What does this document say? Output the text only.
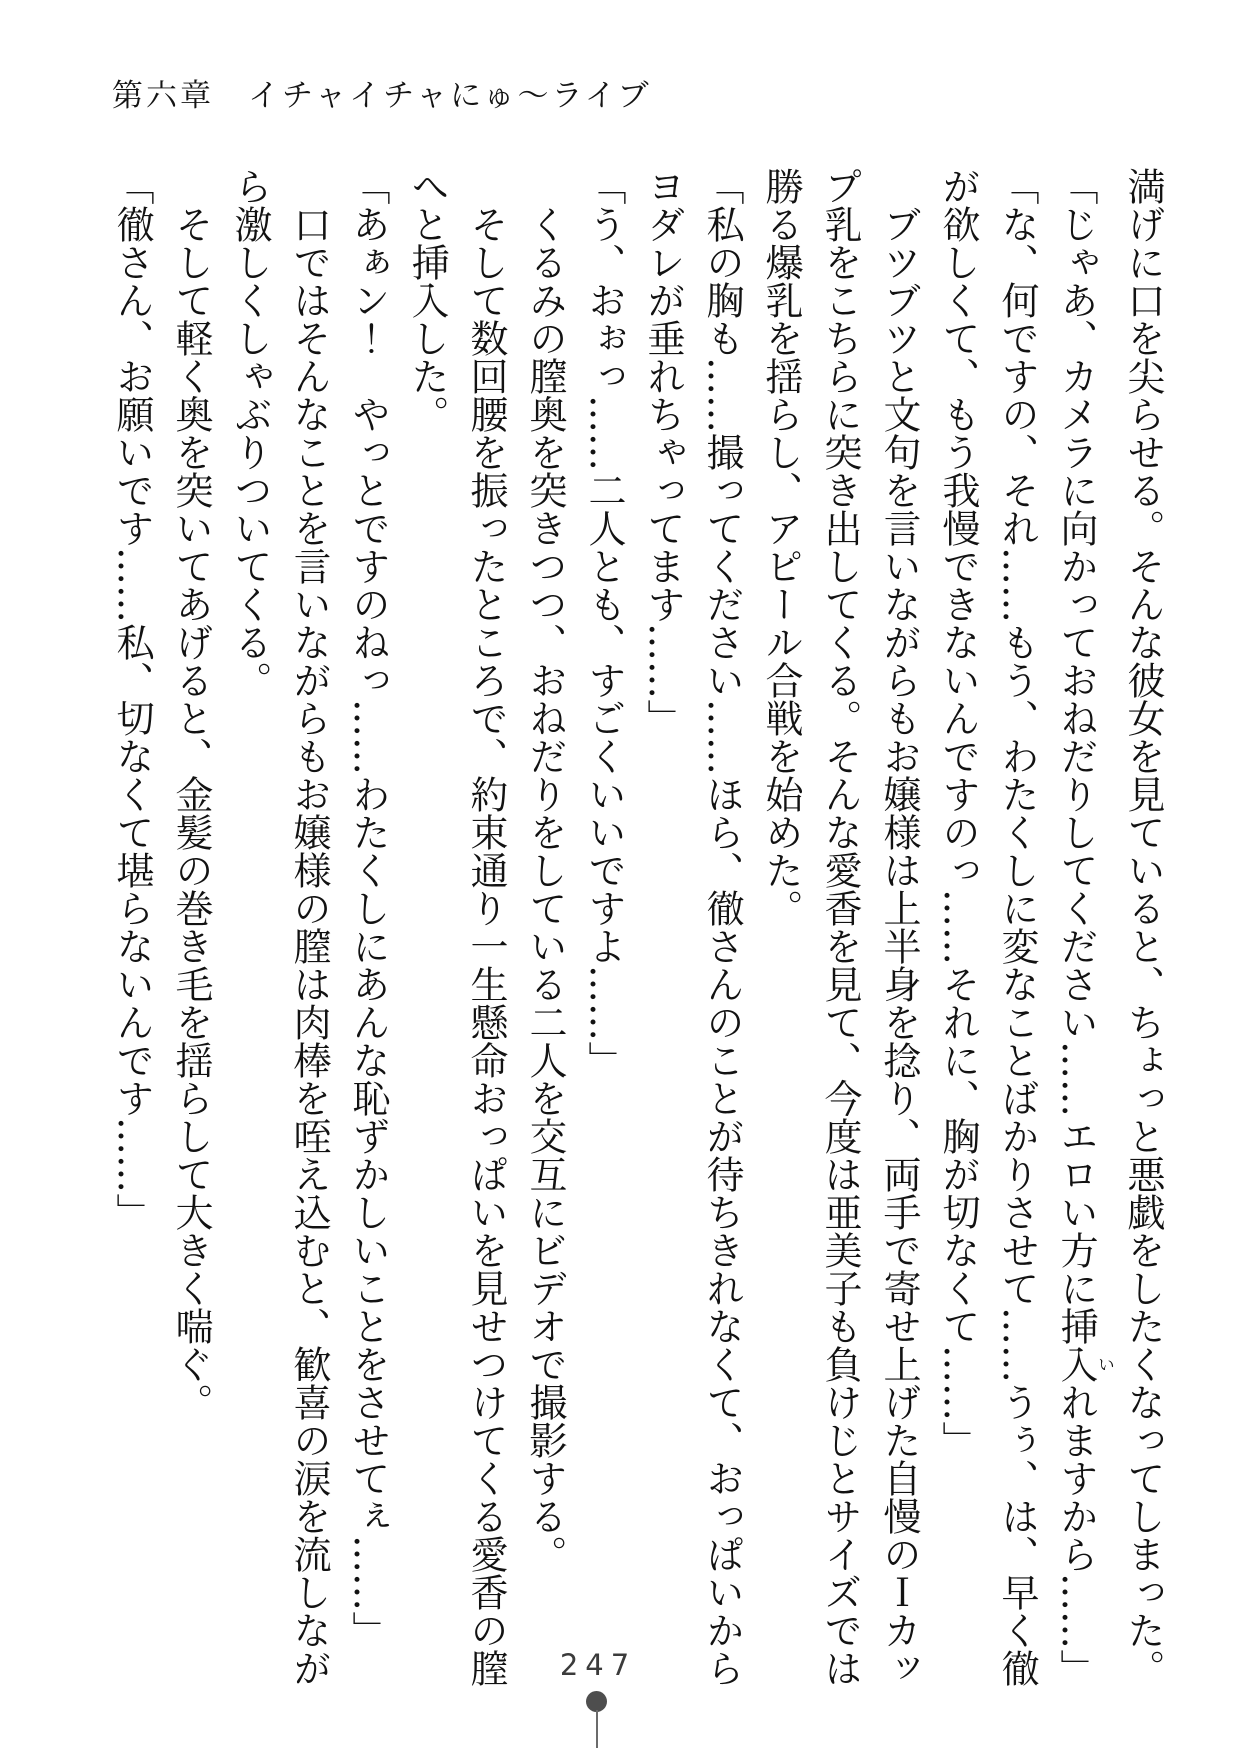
第六章　イチャイチャにゅ～ライブ

満げに口を尖らせる。そんな彼女を見ていると、ちょっと悪戯をしたくなってしまった。

「じゃあ、カメラに向かっておねだりしてください……エロい方に挿入いれますから……」

「な、何ですの、それ……もう、わたくしに変なことばかりさせて……うぅ、は、早く徹が欲しくて、もう我慢できないんですのっ……それに、胸が切なくて……」

ブツブツと文句を言いながらもお嬢様は上半身を捻り、両手で寄せ上げた自慢のＩカップ乳をこちらに突き出してくる。そんな愛香を見て、今度は亜美子も負けじとサイズでは勝る爆乳を揺らし、アピール合戦を始めた。

「私の胸も……撮ってください……ほら、徹さんのことが待ちきれなくて、おっぱいからヨダレが垂れちゃってます……」

「う、おぉっ……二人とも、すごくいいですよ……」

くるみの膣奥を突きつつ、おねだりをしている二人を交互にビデオで撮影する。

そして数回腰を振ったところで、約束通り一生懸命おっぱいを見せつけてくる愛香の膣へと挿入した。

「あぁン！　やっとですのねっ……わたくしにあんな恥ずかしいことをさせてぇ……」

口ではそんなことを言いながらもお嬢様の膣は肉棒を咥え込むと、歓喜の涙を流しながら激しくしゃぶりついてくる。

そして軽く奥を突いてあげると、金髪の巻き毛を揺らして大きく喘ぐ。

「徹さん、お願いです……私、切なくて堪らないんです……」

247
